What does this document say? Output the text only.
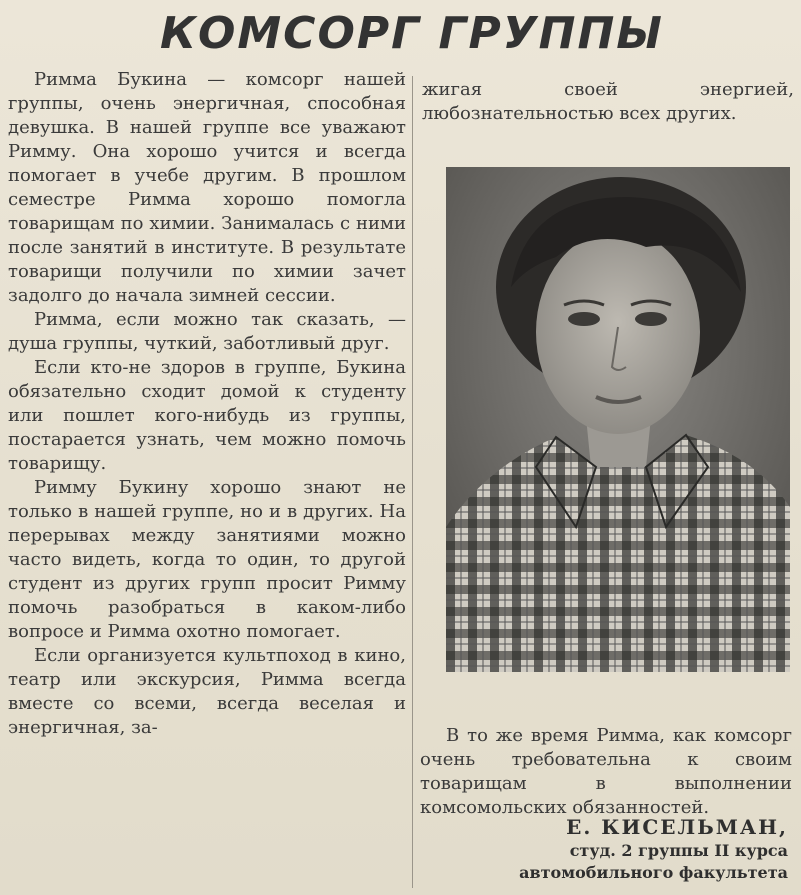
КОМСОРГ ГРУППЫ

Римма Букина — комсорг нашей группы, очень энергичная, способная девушка. В нашей группе все уважают Римму. Она хорошо учится и всегда помогает в учебе другим. В прошлом семестре Римма хорошо помогла товарищам по химии. Занималась с ними после занятий в институте. В результате товарищи получили по химии зачет задолго до начала зимней сессии.

Римма, если можно так сказать, — душа группы, чуткий, заботливый друг.

Если кто-не здоров в группе, Букина обязательно сходит домой к студенту или пошлет кого-нибудь из группы, постарается узнать, чем можно помочь товарищу.

Римму Букину хорошо знают не только в нашей группе, но и в других. На перерывах между занятиями можно часто видеть, когда то один, то другой студент из других групп просит Римму помочь разобраться в каком-либо вопросе и Римма охотно помогает.

Если организуется культпоход в кино, театр или экскурсия, Римма всегда вместе со всеми, всегда веселая и энергичная, за-

жигая своей энергией, любознательностью всех других.

В то же время Римма, как комсорг очень требовательна к своим товарищам в выполнении комсомольских обязанностей.

Е. КИСЕЛЬМАН,
студ. 2 группы II курса
автомобильного факультета
